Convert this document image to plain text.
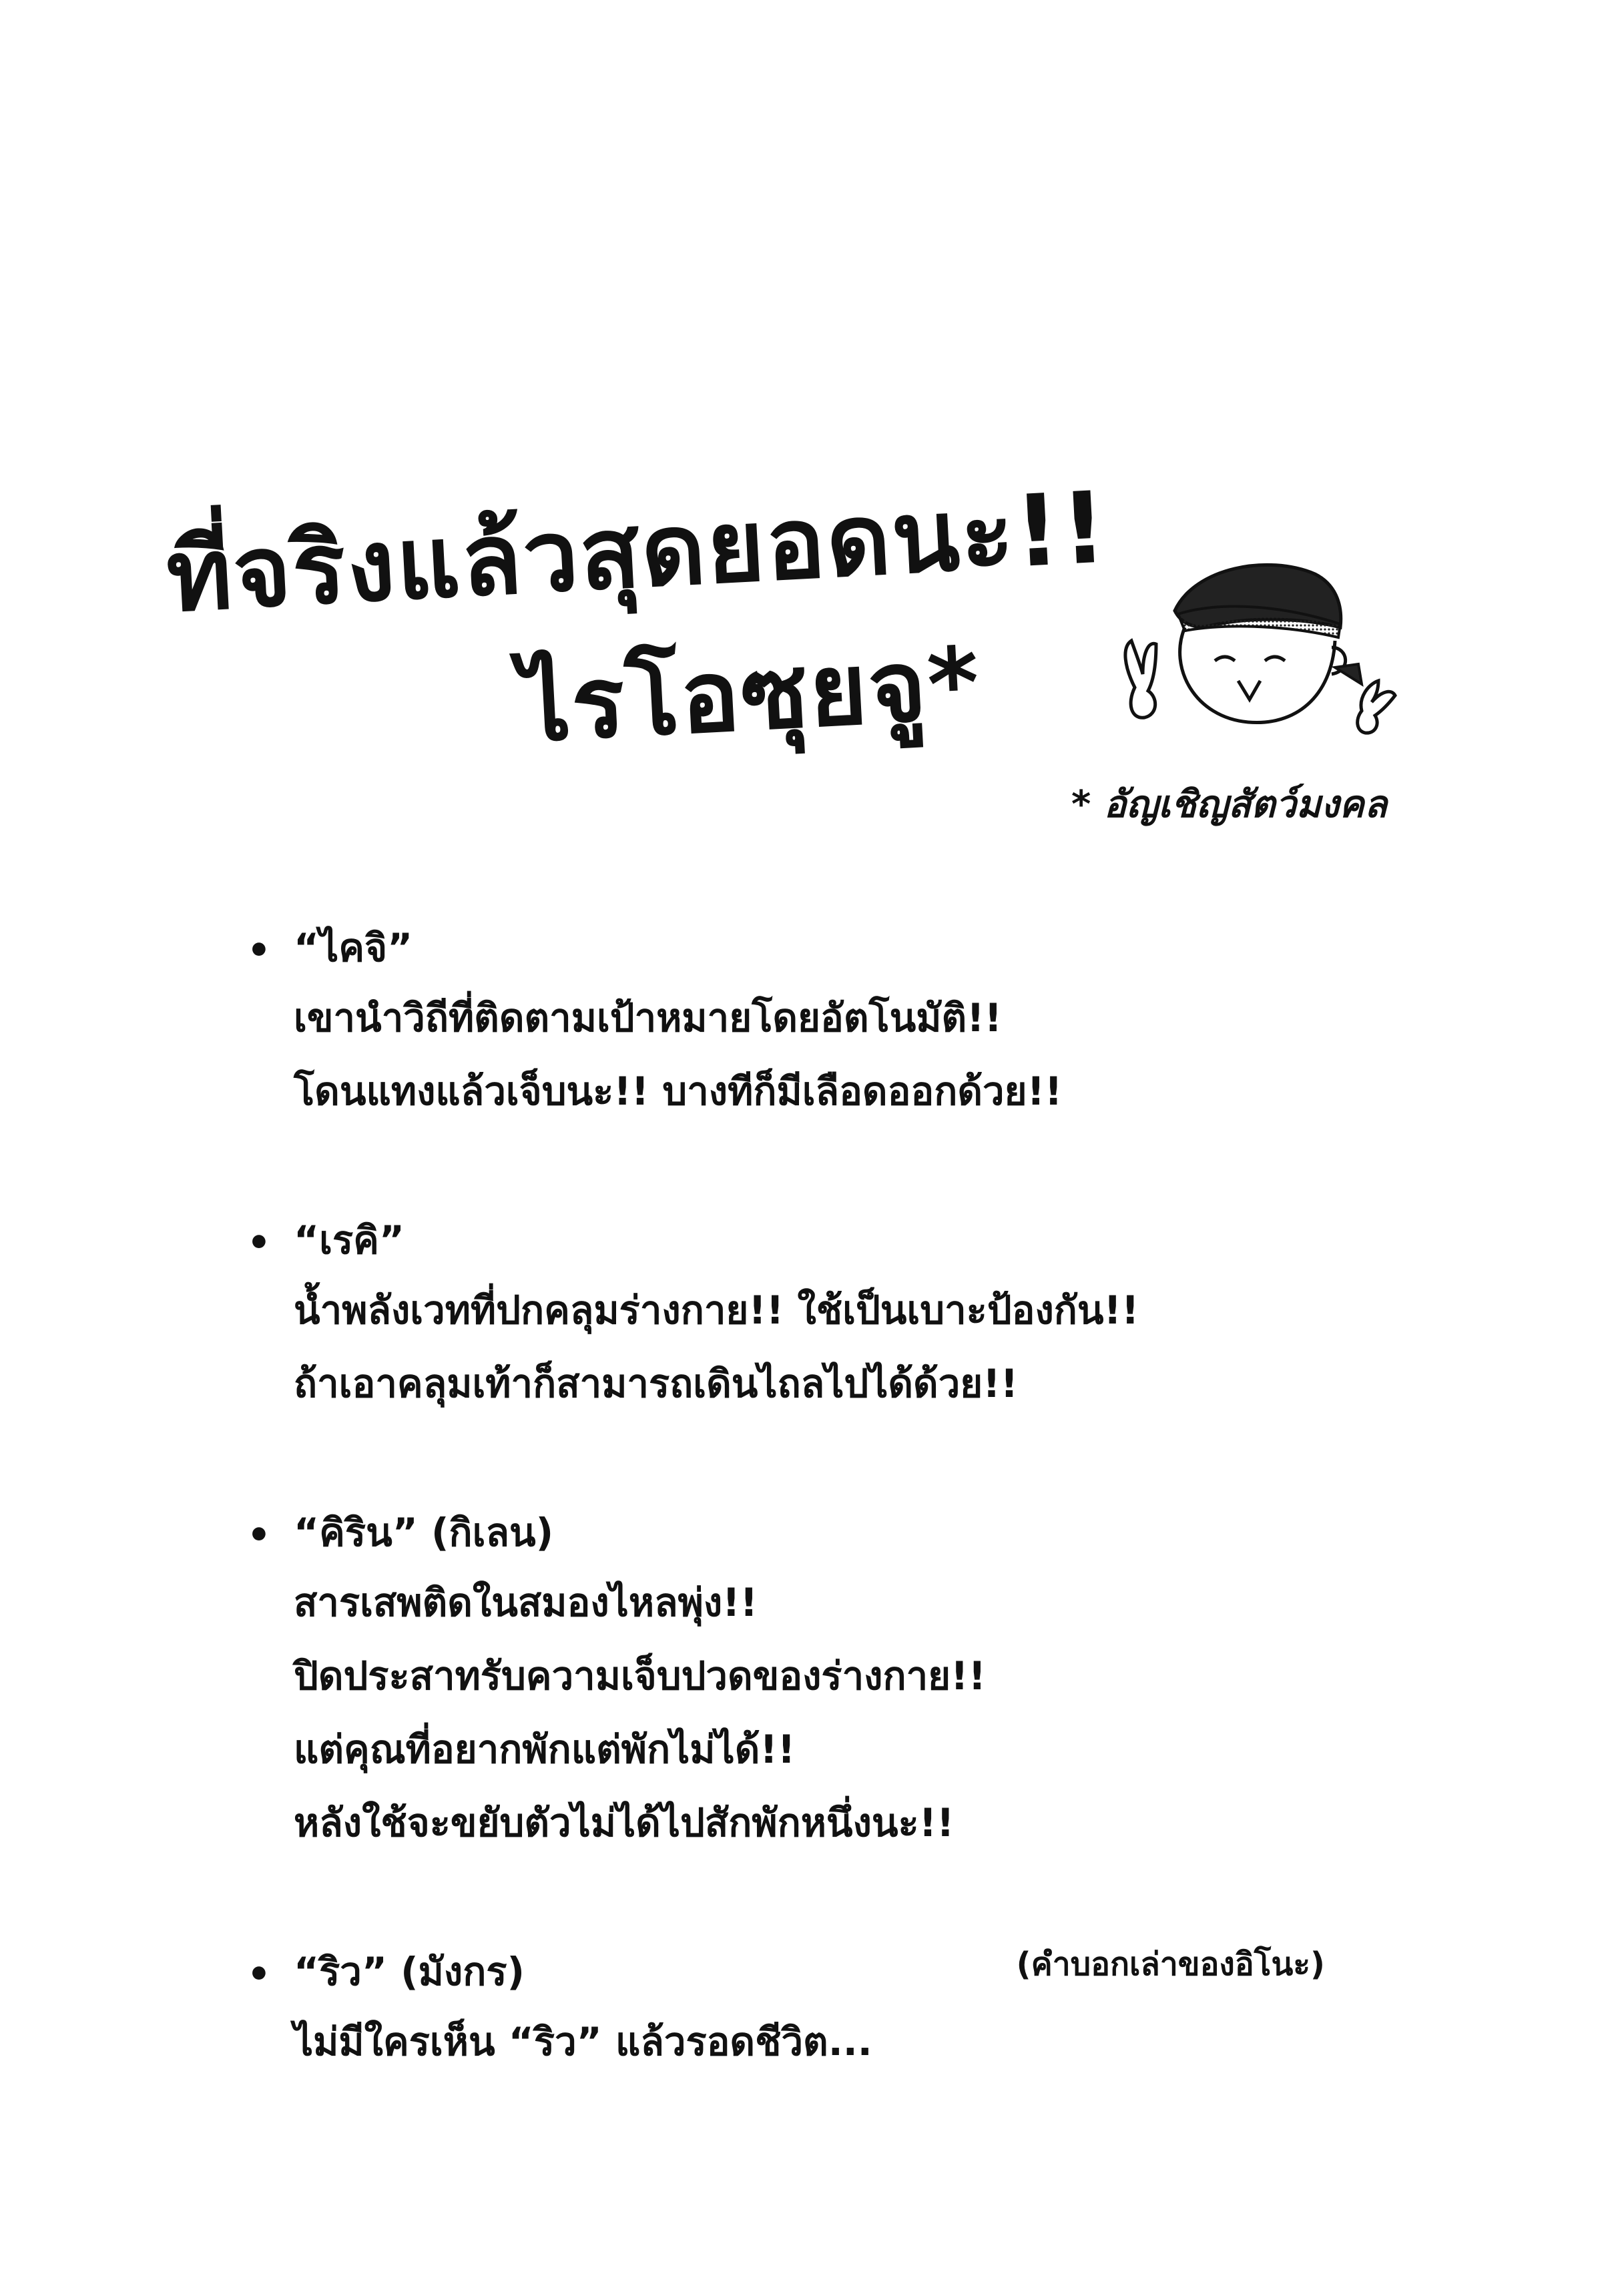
ที่จริงแล้วสุดยอดนะ!!
ไรโอซุยจู*
* อัญเชิญสัตว์มงคล
• “ไคจิ”
เขานำวิถีที่ติดตามเป้าหมายโดยอัตโนมัติ!!
โดนแทงแล้วเจ็บนะ!! บางทีก็มีเลือดออกด้วย!!
• “เรคิ”
น้ำพลังเวทที่ปกคลุมร่างกาย!! ใช้เป็นเบาะป้องกัน!!
ถ้าเอาคลุมเท้าก็สามารถเดินไถลไปได้ด้วย!!
• “คิริน” (กิเลน)
สารเสพติดในสมองไหลพุ่ง!!
ปิดประสาทรับความเจ็บปวดของร่างกาย!!
แต่คุณที่อยากพักแต่พักไม่ได้!!
หลังใช้จะขยับตัวไม่ได้ไปสักพักหนึ่งนะ!!
• “ริว” (มังกร)
ไม่มีใครเห็น “ริว” แล้วรอดชีวิต...
(คำบอกเล่าของอิโนะ)
